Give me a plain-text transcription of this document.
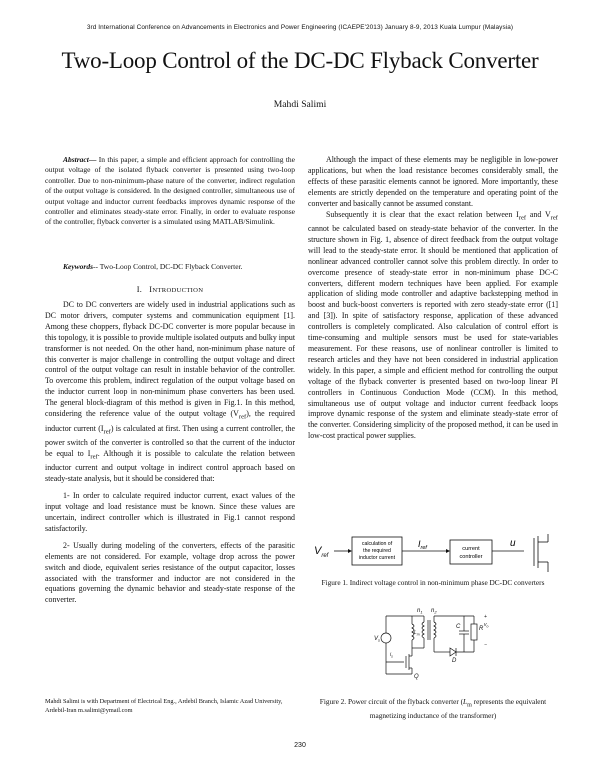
3rd International Conference on Advancements in Electronics and Power Engineering (ICAEPE'2013) January 8-9, 2013 Kuala Lumpur (Malaysia)
Two-Loop Control of the DC-DC Flyback Converter
Mahdi Salimi

Abstract— In this paper, a simple and efficient approach for controlling the output voltage of the isolated flyback converter is presented using two-loop controller. Due to non-minimum-phase nature of the converter, indirect regulation of the output voltage is considered. In the designed controller, simultaneous use of output voltage and inductor current feedbacks improves dynamic response of the controller and eliminates steady-state error. Finally, in order to evaluate response of the controller, flyback converter is a simulated using MATLAB/Simulink.

Keywords-- Two-Loop Control, DC-DC Flyback Converter.

I. INTRODUCTION

DC to DC converters are widely used in industrial applications such as DC motor drivers, computer systems and communication equipment [1]. Among these choppers, flyback DC-DC converter is more popular because in this topology, it is possible to provide multiple isolated outputs and bulky input transformer is not needed. On the other hand, non-minimum phase nature of this converter is major challenge in controlling the output voltage and direct control of the output voltage can result in instable behavior of the controller. To overcome this problem, indirect regulation of the output voltage based on the inductor current loop in non-minimum phase converters has been used. The general block-diagram of this method is given in Fig.1. In this method, considering the reference value of the output voltage $(V_{ref})$, the required inductor current $(I_{ref})$ is calculated at first. Then using a current controller, the power switch of the converter is controlled so that the current of the inductor be equal to $I_{ref}$. Although it is possible to calculate the relation between inductor current and output voltage in indirect control approach based on steady-state analysis, but it should be considered that:

1- In order to calculate required inductor current, exact values of the input voltage and load resistance must be known. Since these values are uncertain, indirect controller which is illustrated in Fig.1 cannot respond satisfactorily.

2- Usually during modeling of the converters, effects of the parasitic elements are not considered. For example, voltage drop across the power switch and diode, equivalent series resistance of the output capacitor, losses associated with the transformer and inductor are not considered in the equations governing the dynamic behavior and steady-state response of the converter.

Mahdi Salimi is with Department of Electrical Eng., Ardebil Branch, Islamic Azad University, Ardebil-Iran m.salimi@ymail.com

Although the impact of these elements may be negligible in low-power applications, but when the load resistance becomes considerably small, the effects of these parasitic elements cannot be ignored. More importantly, these elements are strictly depended on the temperature and operating point of the converter and basically cannot be assumed constant.

Subsequently it is clear that the exact relation between $I_{ref}$ and $V_{ref}$ cannot be calculated based on steady-state behavior of the converter. In the structure shown in Fig. 1, absence of direct feedback from the output voltage will lead to the steady-state error. It should be mentioned that application of nonlinear advanced controller cannot solve this problem directly. In order to overcome presence of steady-state error in non-minimum phase DC-C converters, different modern techniques have been applied. For example application of sliding mode controller and adaptive backstepping method in boost and buck-boost converters is reported with zero steady-state error ([1] and [3]). In spite of satisfactory response, application of these advanced controllers is completely complicated. Also calculation of control effort is time-consuming and multiple sensors must be used for state-variables measurement. For these reasons, use of nonlinear controller is limited to research articles and they have not been considered in industrial application widely. In this paper, a simple and efficient method for controlling the output voltage of the flyback converter is presented based on two-loop linear PI controllers in Continuous Conduction Mode (CCM). In this method, simultaneous use of output voltage and inductor current feedback loops improve dynamic response of the system and eliminate steady-state error of the converter. Considering simplicity of the proposed method, it can be used in low-cost practical power supplies.

$V_{ref}$
calculation of
the required
inductor current
$I_{ref}$	current
controller
u
Figure 1. Indirect voltage control in non-minimum phase DC-DC converters
$n_1$ $n_2$
$V_s$
$L_m$
C	R
$v_o$
+
−
D
Q
$i_s$
Figure 2. Power circuit of the flyback converter ($L_m$ represents the equivalent magnetizing inductance of the transformer)
230
